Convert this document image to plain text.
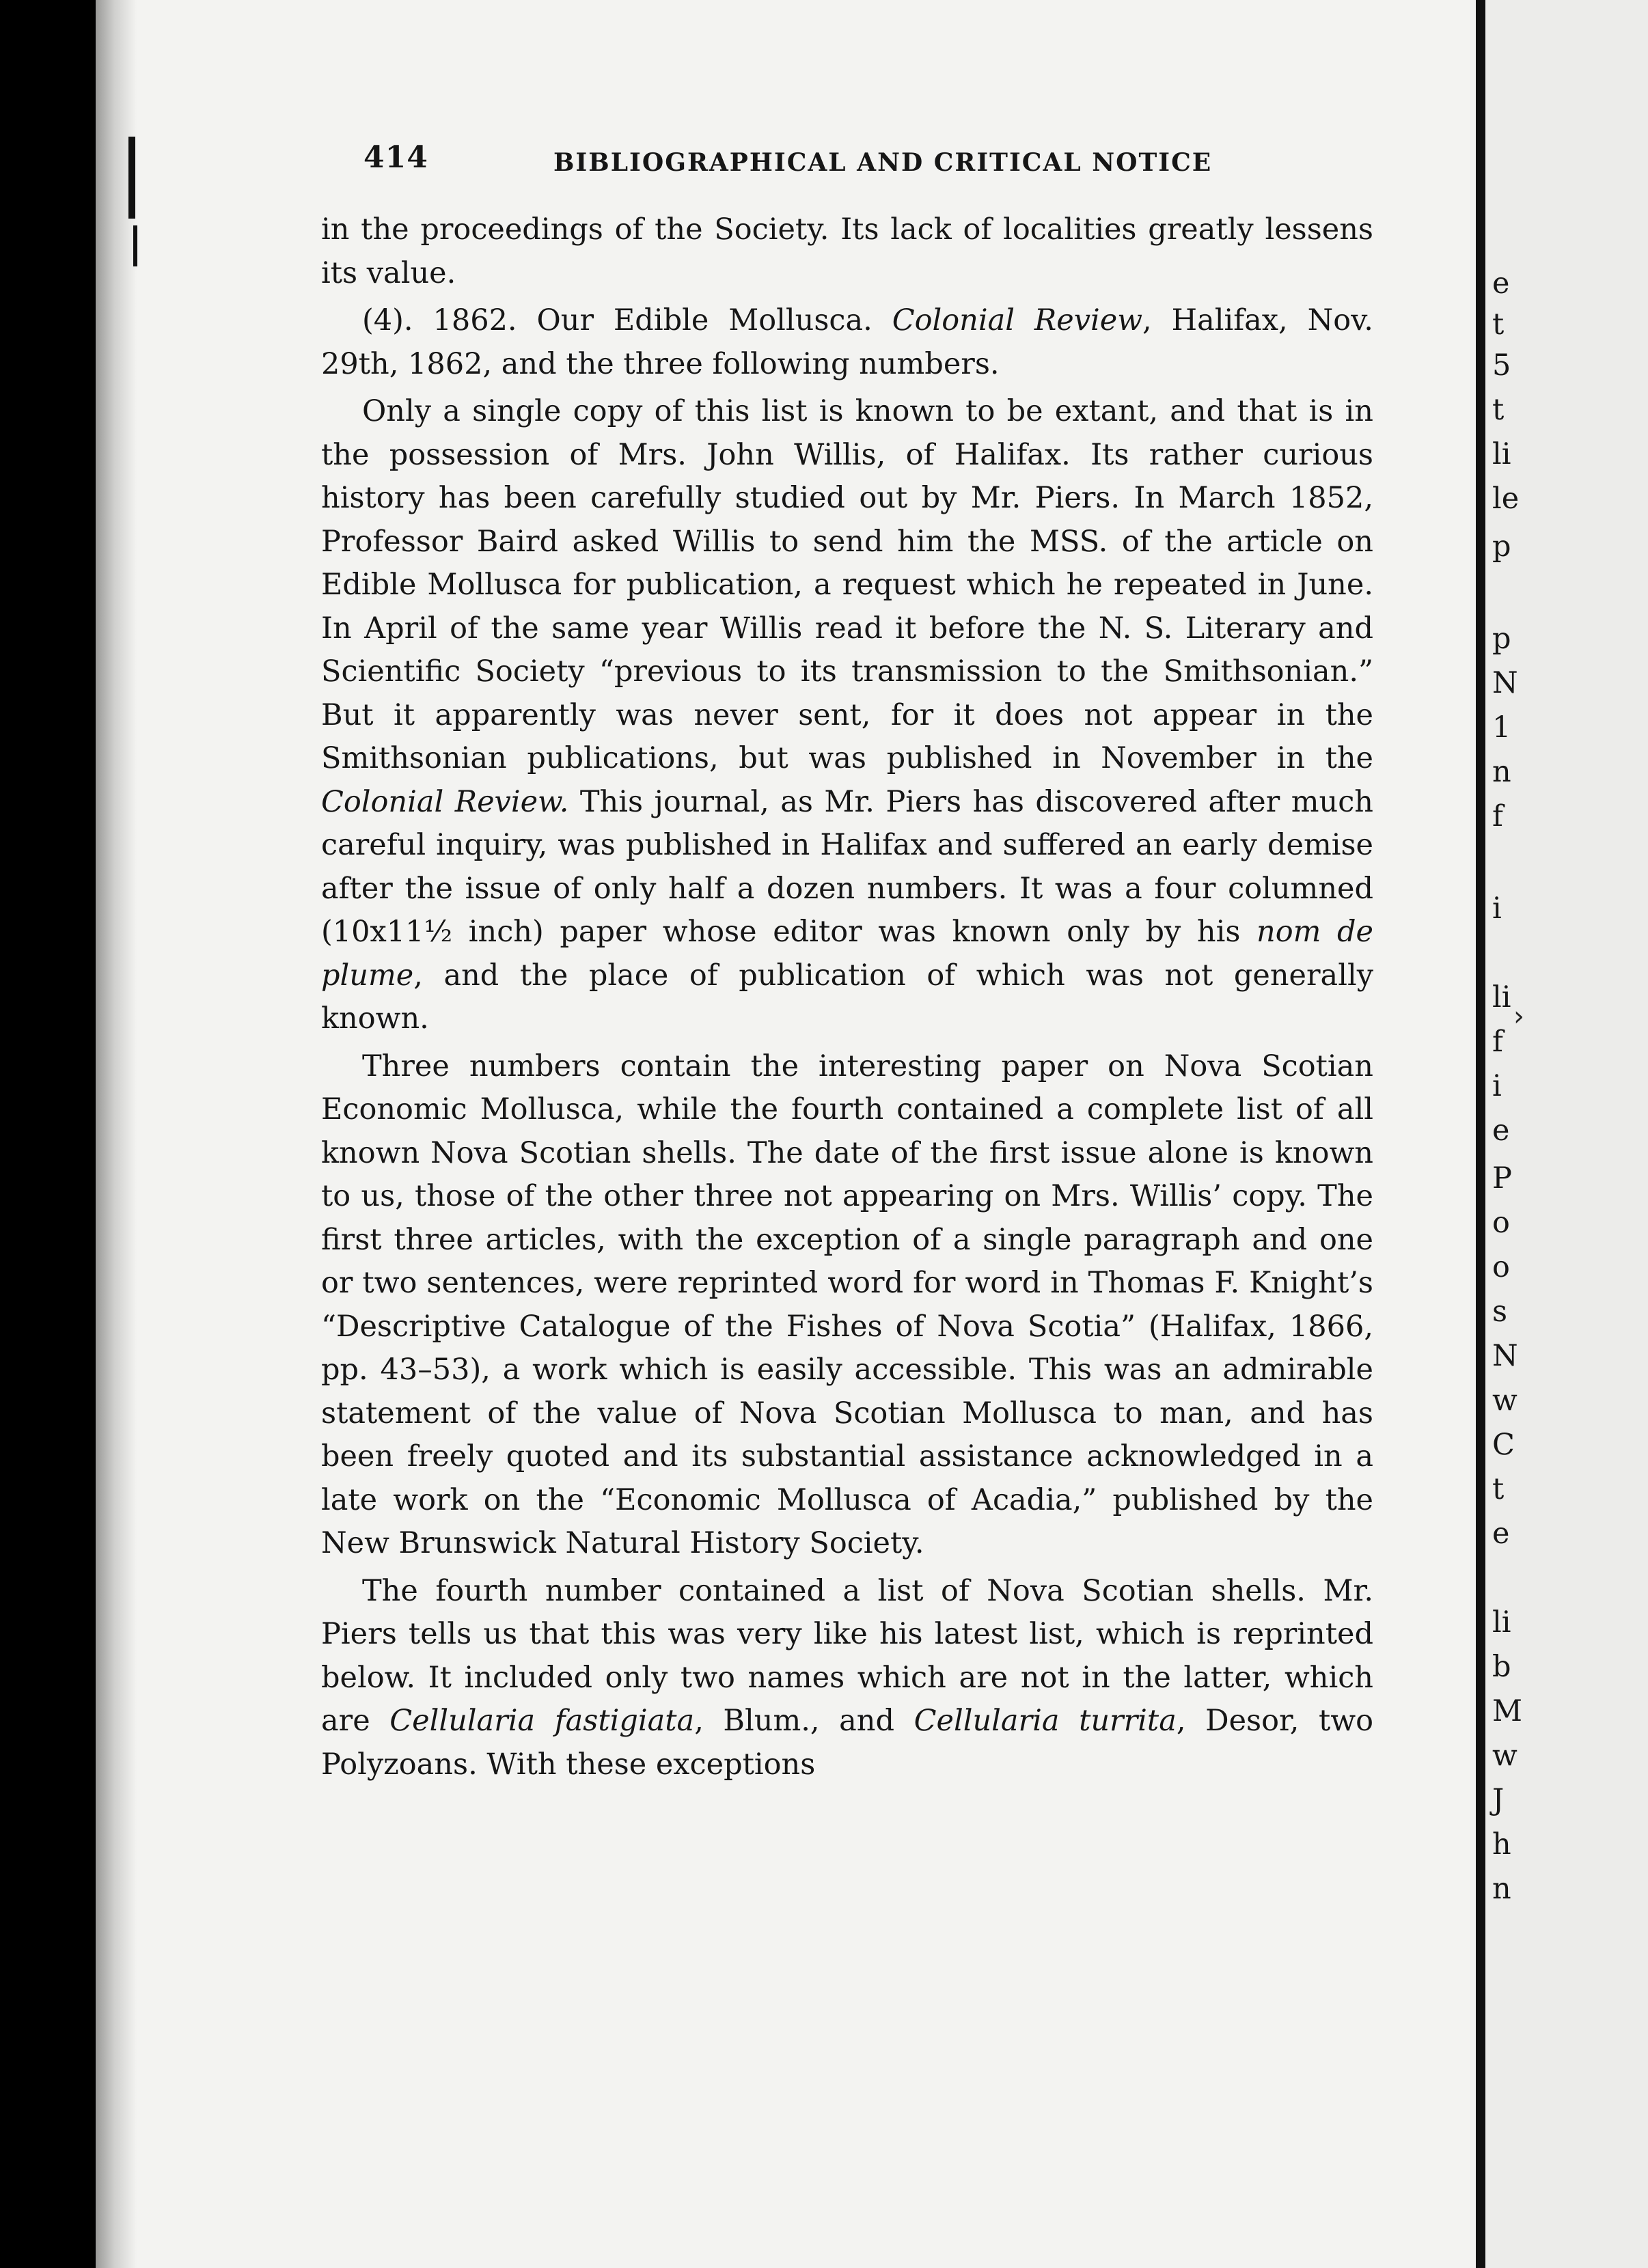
414	BIBLIOGRAPHICAL AND CRITICAL NOTICE

in the proceedings of the Society. Its lack of localities greatly lessens its value.

(4). 1862. Our Edible Mollusca. Colonial Review, Halifax, Nov. 29th, 1862, and the three following numbers.

Only a single copy of this list is known to be extant, and that is in the possession of Mrs. John Willis, of Halifax. Its rather curious history has been carefully studied out by Mr. Piers. In March 1852, Professor Baird asked Willis to send him the MSS. of the article on Edible Mollusca for publication, a request which he repeated in June. In April of the same year Willis read it before the N. S. Literary and Scientific Society “previous to its transmission to the Smithsonian.” But it apparently was never sent, for it does not appear in the Smithsonian publications, but was published in November in the Colonial Review. This journal, as Mr. Piers has discovered after much careful inquiry, was published in Halifax and suffered an early demise after the issue of only half a dozen numbers. It was a four columned (10x11½ inch) paper whose editor was known only by his nom de plume, and the place of publication of which was not generally known.

Three numbers contain the interesting paper on Nova Scotian Economic Mollusca, while the fourth contained a complete list of all known Nova Scotian shells. The date of the first issue alone is known to us, those of the other three not appearing on Mrs. Willis’ copy. The first three articles, with the exception of a single paragraph and one or two sentences, were reprinted word for word in Thomas F. Knight’s “Descriptive Catalogue of the Fishes of Nova Scotia” (Halifax, 1866, pp. 43–53), a work which is easily accessible. This was an admirable statement of the value of Nova Scotian Mollusca to man, and has been freely quoted and its substantial assistance acknowledged in a late work on the “Economic Mollusca of Acadia,” published by the New Brunswick Natural History Society.

The fourth number contained a list of Nova Scotian shells. Mr. Piers tells us that this was very like his latest list, which is reprinted below. It included only two names which are not in the latter, which are Cellularia fastigiata, Blum., and Cellularia turrita, Desor, two Polyzoans. With these exceptions

e
t
5
t
li
le
p
p
N
1
n
f
i
li
f
i
e
P
o
o
s
N
w
C
t
e
li
b
M
w
J
h
n
›
